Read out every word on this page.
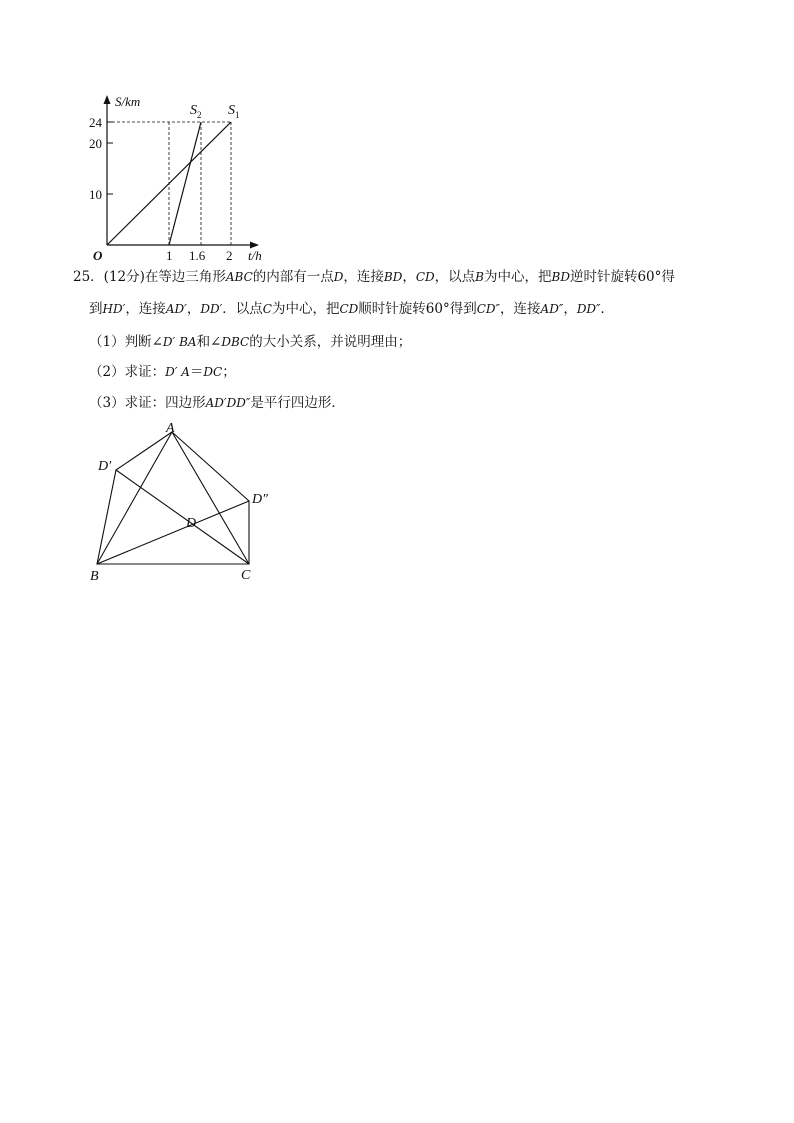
S/km
t/h
O
24
20
10
1 1.6 2
$S_2$ $S_1$
25．(12分)在等边三角形ABC的内部有一点D，连接BD，CD，以点B为中心，把BD逆时针旋转60°得
到HD′，连接AD′，DD′．以点C为中心，把CD顺时针旋转60°得到CD″，连接AD″，DD″．
（1）判断∠D′ BA和∠DBC的大小关系，并说明理由；
（2）求证：D′ A＝DC；
（3）求证：四边形AD′DD″是平行四边形．
A
D′
D″
D
B	C
